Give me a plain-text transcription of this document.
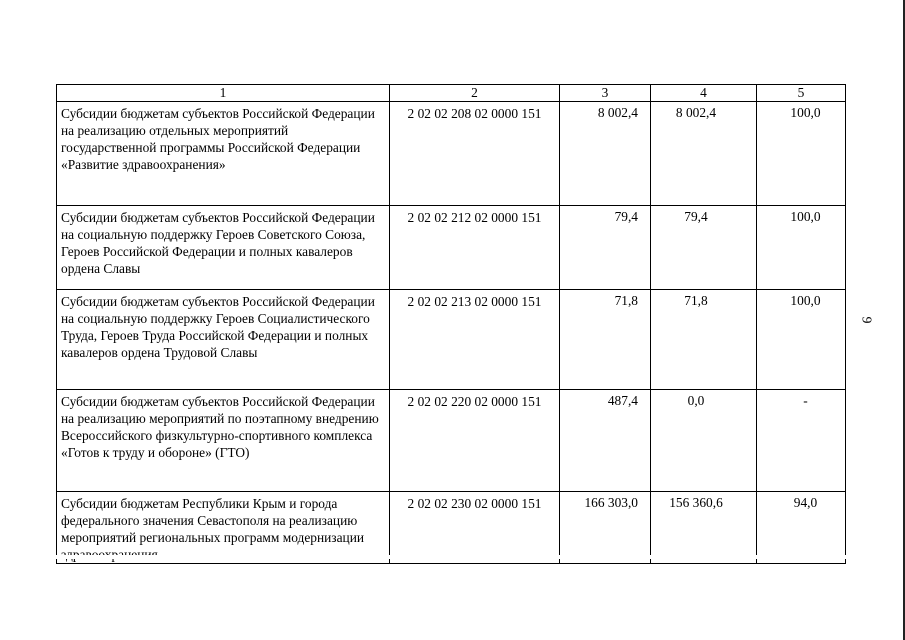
1	2	3	4	5
Субсидии бюджетам субъектов Российской Федерации на реализацию отдельных мероприятий государственной программы Российской Федерации «Развитие здравоохранения»	2 02 02 208 02 0000 151	8 002,4	8 002,4	100,0
Субсидии бюджетам субъектов Российской Федерации на социальную поддержку Героев Советского Союза, Героев Российской Федерации и полных кавалеров ордена Славы	2 02 02 212 02 0000 151	79,4	79,4	100,0
Субсидии бюджетам субъектов Российской Федерации на социальную поддержку Героев Социалистического Труда, Героев Труда Российской Федерации и полных кавалеров ордена Трудовой Славы	2 02 02 213 02 0000 151	71,8	71,8	100,0
Субсидии бюджетам субъектов Российской Федерации на реализацию мероприятий по поэтапному внедрению Всероссийского физкультурно-спортивного комплекса «Готов к труду и обороне» (ГТО)	2 02 02 220 02 0000 151	487,4	0,0	-
Субсидии бюджетам Республики Крым и города федерального значения Севастополя на реализацию мероприятий региональных программ модернизации	2 02 02 230 02 0000 151	166 303,0	156 360,6	94,0
9
